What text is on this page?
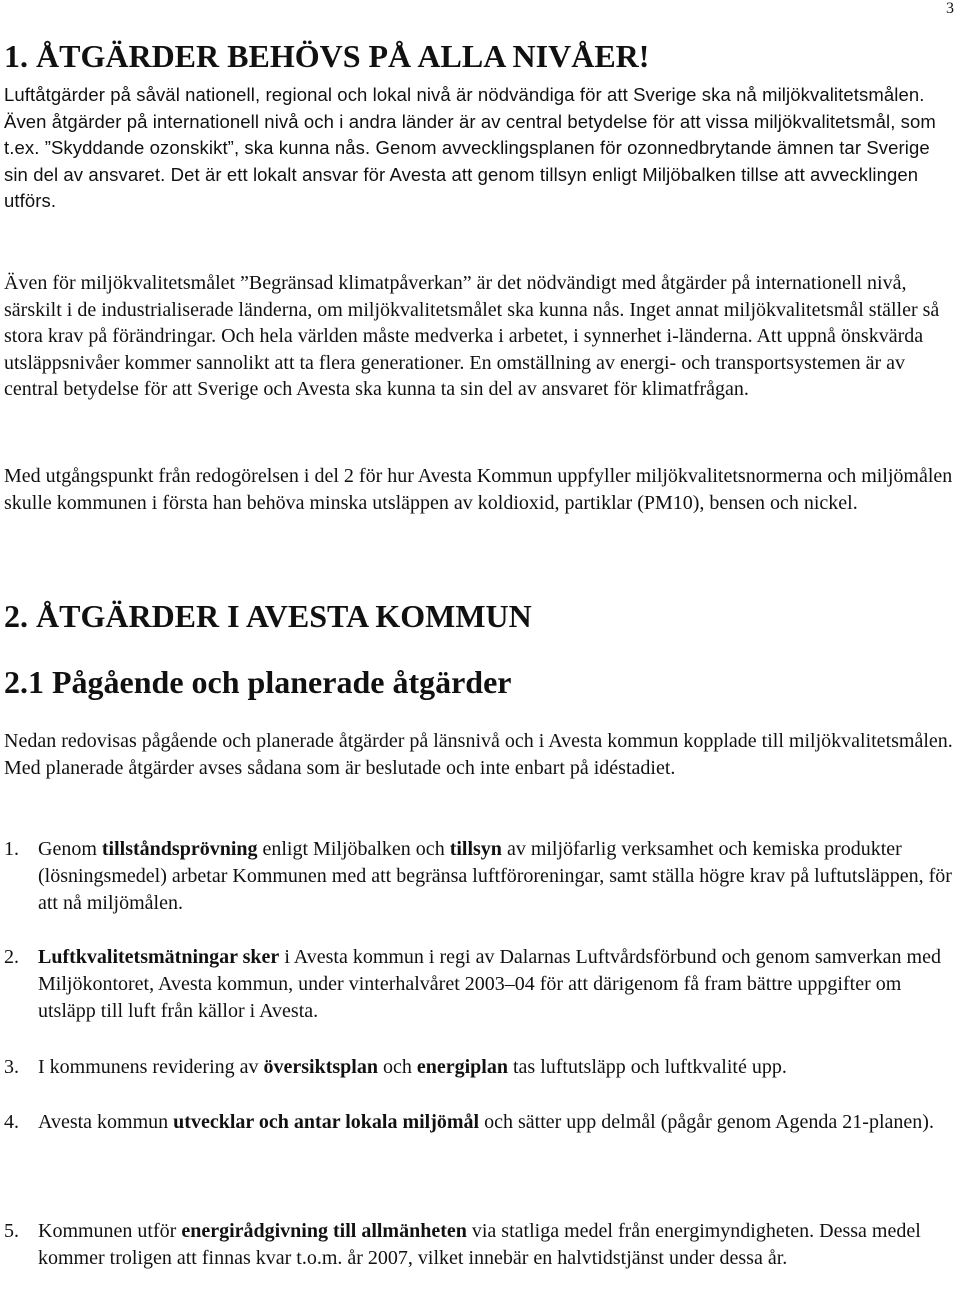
3
1. ÅTGÄRDER BEHÖVS PÅ ALLA NIVÅER!

Luftåtgärder på såväl nationell, regional och lokal nivå är nödvändiga för att Sverige ska nå miljökvalitetsmålen. Även åtgärder på internationell nivå och i andra länder är av central betydelse för att vissa miljökvalitetsmål, som t.ex. ”Skyddande ozonskikt”, ska kunna nås. Genom avvecklingsplanen för ozonnedbrytande ämnen tar Sverige sin del av ansvaret. Det är ett lokalt ansvar för Avesta att genom tillsyn enligt Miljöbalken tillse att avvecklingen utförs.

Även för miljökvalitetsmålet ”Begränsad klimatpåverkan” är det nödvändigt med åtgärder på internationell nivå, särskilt i de industrialiserade länderna, om miljökvalitetsmålet ska kunna nås. Inget annat miljökvalitetsmål ställer så stora krav på förändringar. Och hela världen måste medverka i arbetet, i synnerhet i-länderna. Att uppnå önskvärda utsläppsnivåer kommer sannolikt att ta flera generationer. En omställning av energi- och transportsystemen är av central betydelse för att Sverige och Avesta ska kunna ta sin del av ansvaret för klimatfrågan.

Med utgångspunkt från redogörelsen i del 2 för hur Avesta Kommun uppfyller miljökvalitetsnormerna och miljömålen skulle kommunen i första han behöva minska utsläppen av koldioxid, partiklar (PM10), bensen och nickel.

2. ÅTGÄRDER I AVESTA KOMMUN
2.1 Pågående och planerade åtgärder

Nedan redovisas pågående och planerade åtgärder på länsnivå och i Avesta kommun kopplade till miljökvalitetsmålen. Med planerade åtgärder avses sådana som är beslutade och inte enbart på idéstadiet.

1. Genom tillståndsprövning enligt Miljöbalken och tillsyn av miljöfarlig verksamhet och kemiska produkter (lösningsmedel) arbetar Kommunen med att begränsa luftföroreningar, samt ställa högre krav på luftutsläppen, för att nå miljömålen.
2. Luftkvalitetsmätningar sker i Avesta kommun i regi av Dalarnas Luftvårdsförbund och genom samverkan med Miljökontoret, Avesta kommun, under vinterhalvåret 2003–04 för att därigenom få fram bättre uppgifter om utsläpp till luft från källor i Avesta.
3. I kommunens revidering av översiktsplan och energiplan tas luftutsläpp och luftkvalité upp.
4. Avesta kommun utvecklar och antar lokala miljömål och sätter upp delmål (pågår genom Agenda 21-planen).
5. Kommunen utför energirådgivning till allmänheten via statliga medel från energimyndigheten. Dessa medel kommer troligen att finnas kvar t.o.m. år 2007, vilket innebär en halvtidstjänst under dessa år.
